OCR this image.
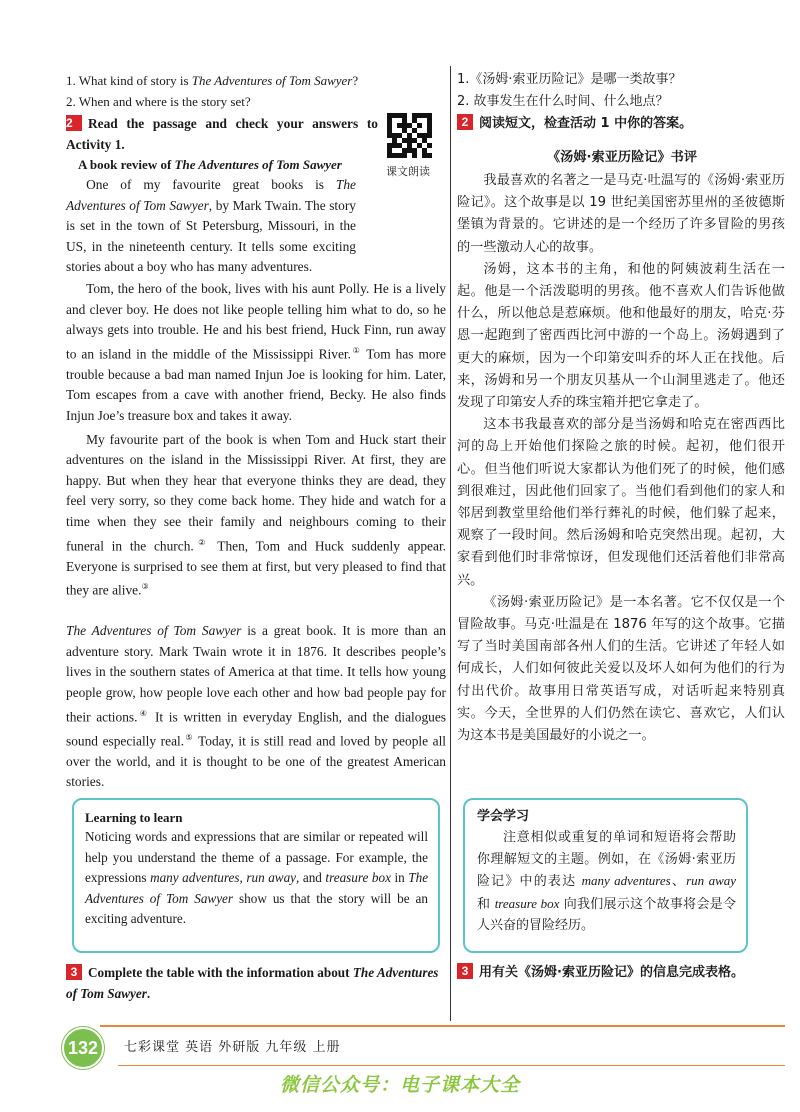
1. What kind of story is The Adventures of Tom Sawyer?
2. When and where is the story set?
2 Read the passage and check your answers to
Activity 1.
课文朗读
A book review of The Adventures of Tom Sawyer

One of my favourite great books is The Adventures of Tom Sawyer, by Mark Twain. The story is set in the town of St Petersburg, Missouri, in the US, in the nineteenth century. It tells some exciting stories about a boy who has many adventures.

Tom, the hero of the book, lives with his aunt Polly. He is a lively and clever boy. He does not like people telling him what to do, so he always gets into trouble. He and his best friend, Huck Finn, run away to an island in the middle of the Mississippi River.① Tom has more trouble because a bad man named Injun Joe is looking for him. Later, Tom escapes from a cave with another friend, Becky. He also finds Injun Joe’s treasure box and takes it away.

My favourite part of the book is when Tom and Huck start their adventures on the island in the Mississippi River. At first, they are happy. But when they hear that everyone thinks they are dead, they feel very sorry, so they come back home. They hide and watch for a time when they see their family and neighbours coming to their funeral in the church.② Then, Tom and Huck suddenly appear. Everyone is surprised to see them at first, but very pleased to find that they are alive.③

The Adventures of Tom Sawyer is a great book. It is more than an adventure story. Mark Twain wrote it in 1876. It describes people’s lives in the southern states of America at that time. It tells how young people grow, how people love each other and how bad people pay for their actions.④ It is written in everyday English, and the dialogues sound especially real.⑤ Today, it is still read and loved by people all over the world, and it is thought to be one of the greatest American stories.

Learning to learn
Noticing words and expressions that are similar or repeated will help you understand the theme of a passage. For example, the expressions many adventures, run away, and treasure box in The Adventures of Tom Sawyer show us that the story will be an exciting adventure.
3 Complete the table with the information about The Adventures of Tom Sawyer.
1.《汤姆·索亚历险记》是哪一类故事？
2. 故事发生在什么时间、什么地点？
2 阅读短文，检查活动 1 中你的答案。
《汤姆·索亚历险记》书评

我最喜欢的名著之一是马克·吐温写的《汤姆·索亚历险记》。这个故事是以 19 世纪美国密苏里州的圣彼德斯堡镇为背景的。它讲述的是一个经历了许多冒险的男孩的一些激动人心的故事。

汤姆，这本书的主角，和他的阿姨波莉生活在一起。他是一个活泼聪明的男孩。他不喜欢人们告诉他做什么，所以他总是惹麻烦。他和他最好的朋友，哈克·芬恩一起跑到了密西西比河中游的一个岛上。汤姆遇到了更大的麻烦，因为一个印第安叫乔的坏人正在找他。后来，汤姆和另一个朋友贝基从一个山洞里逃走了。他还发现了印第安人乔的珠宝箱并把它拿走了。

这本书我最喜欢的部分是当汤姆和哈克在密西西比河的岛上开始他们探险之旅的时候。起初，他们很开心。但当他们听说大家都认为他们死了的时候，他们感到很难过，因此他们回家了。当他们看到他们的家人和邻居到教堂里给他们举行葬礼的时候，他们躲了起来，观察了一段时间。然后汤姆和哈克突然出现。起初，大家看到他们时非常惊讶，但发现他们还活着他们非常高兴。

《汤姆·索亚历险记》是一本名著。它不仅仅是一个冒险故事。马克·吐温是在 1876 年写的这个故事。它描写了当时美国南部各州人们的生活。它讲述了年轻人如何成长，人们如何彼此关爱以及坏人如何为他们的行为付出代价。故事用日常英语写成，对话听起来特别真实。今天，全世界的人们仍然在读它、喜欢它，人们认为这本书是美国最好的小说之一。

学会学习
注意相似或重复的单词和短语将会帮助你理解短文的主题。例如，在《汤姆·索亚历险记》中的表达 many adventures、run away 和 treasure box 向我们展示这个故事将会是令人兴奋的冒险经历。
3 用有关《汤姆·索亚历险记》的信息完成表格。
132	七彩课堂 英语 外研版 九年级 上册
微信公众号：电子课本大全
